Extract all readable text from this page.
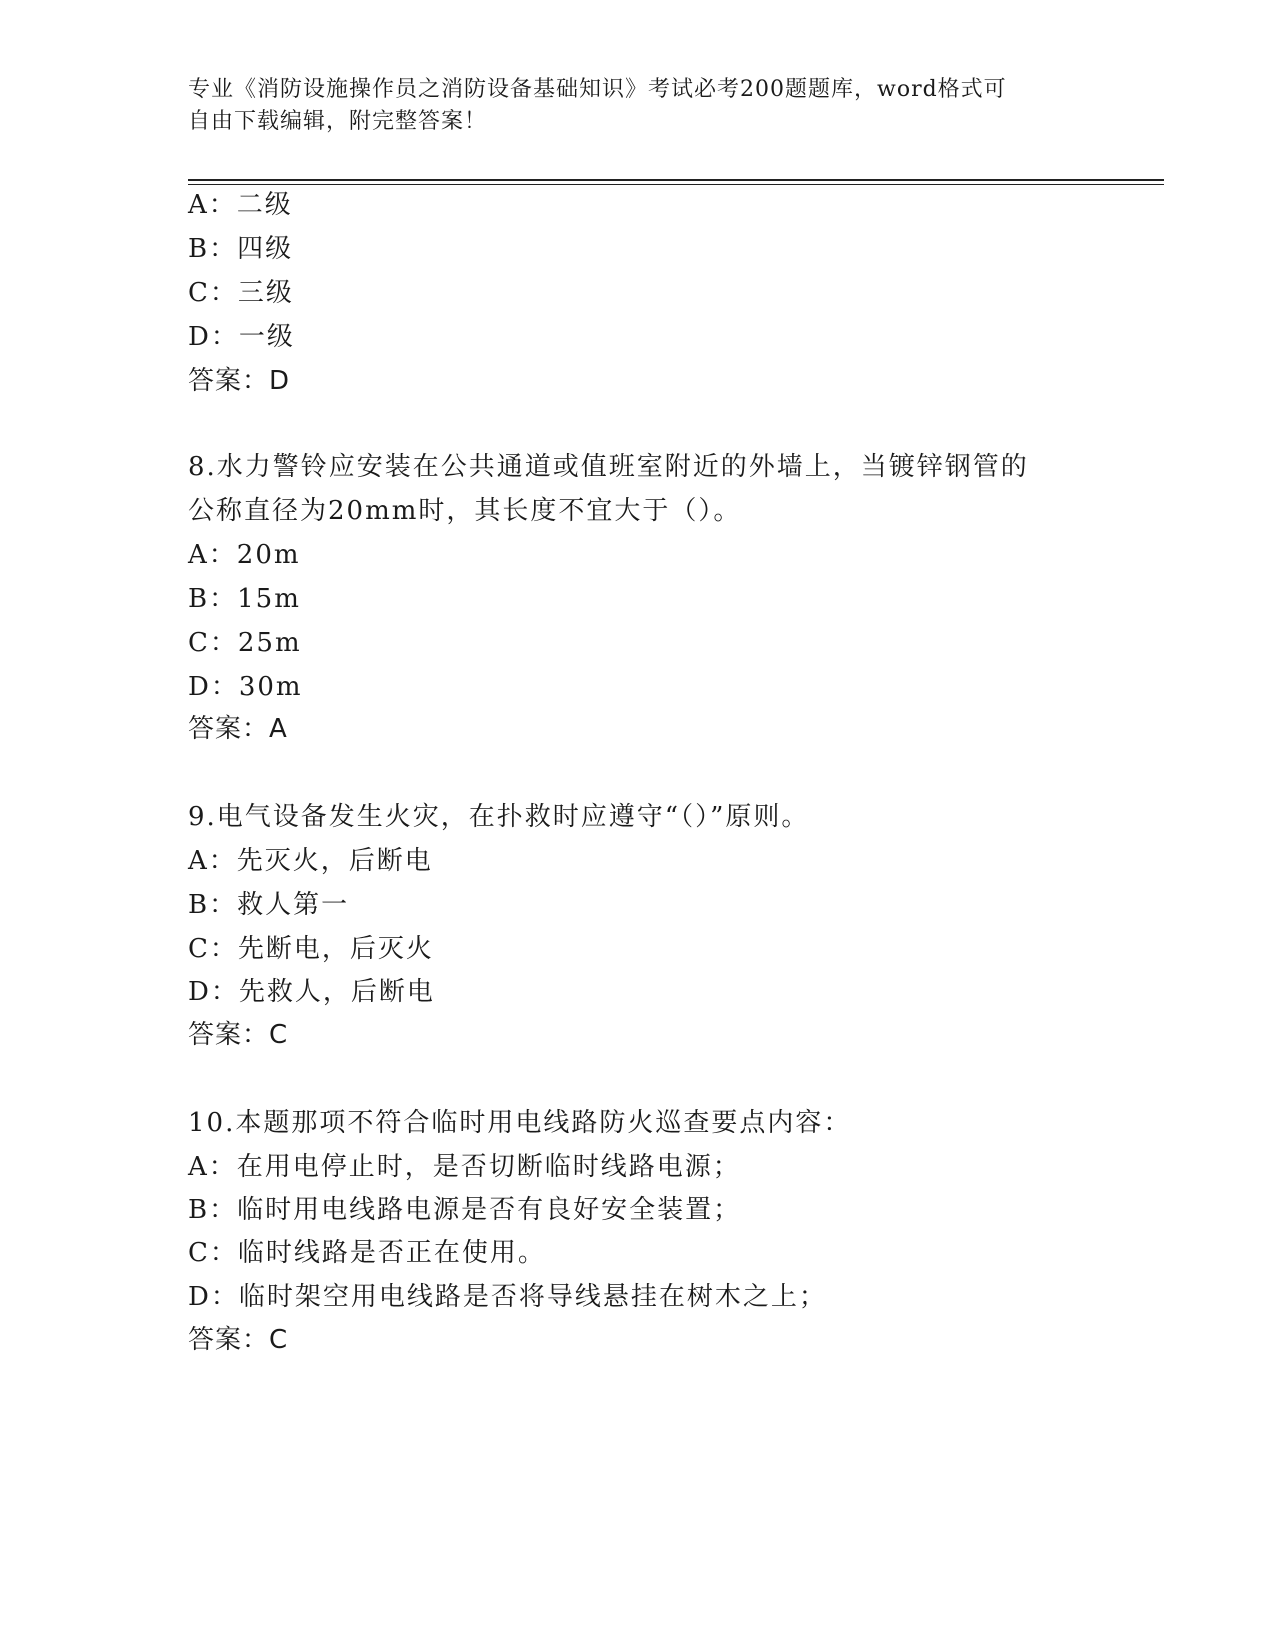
专业《消防设施操作员之消防设备基础知识》考试必考200题题库，word格式可
自由下载编辑，附完整答案！
A：二级
B：四级
C：三级
D：一级
答案：D
8.水力警铃应安装在公共通道或值班室附近的外墙上，当镀锌钢管的
公称直径为20mm时，其长度不宜大于（）。
A：20m
B：15m
C：25m
D：30m
答案：A
9.电气设备发生火灾，在扑救时应遵守“（）”原则。
A：先灭火，后断电
B：救人第一
C：先断电，后灭火
D：先救人，后断电
答案：C
10.本题那项不符合临时用电线路防火巡查要点内容：
A：在用电停止时，是否切断临时线路电源；
B：临时用电线路电源是否有良好安全装置；
C：临时线路是否正在使用。
D：临时架空用电线路是否将导线悬挂在树木之上；
答案：C
